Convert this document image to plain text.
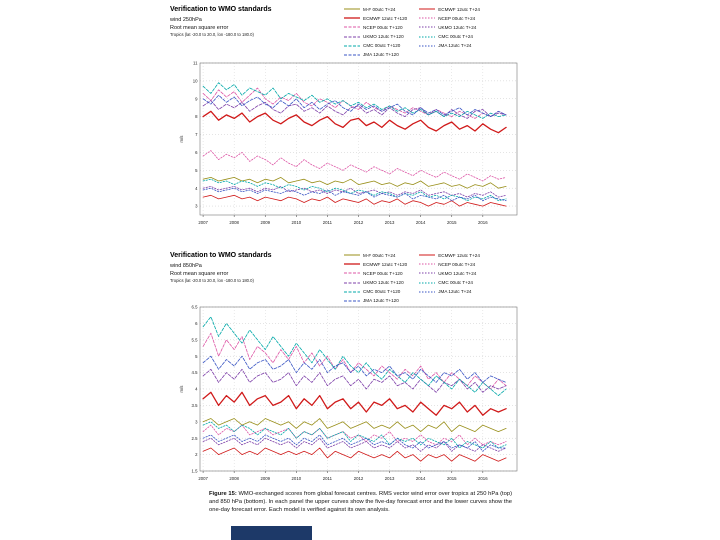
Verification to WMO standards
wind 250hPa
Root mean square error
Tropics (lat -20.0 to 20.0, lon -180.0 to 180.0)
M-F 00utc T+24
ECMWF 12utc T+120
NCEP 00utc T+120
UKMO 12utc T+120
CMC 00utc T+120
JMA 12utc T+120
ECMWF 12utc T+24
NCEP 00utc T+24
UKMO 12utc T+24
CMC 00utc T+24
JMA 12utc T+24
3
4
5
6
7
8
9
10
11
2007	2008	2009	2010	2011	2012	2013	2014	2015	2016
m/s
Verification to WMO standards
wind 850hPa
Root mean square error
Tropics (lat -20.0 to 20.0, lon -180.0 to 180.0)
M-F 00utc T+24
ECMWF 12utc T+120
NCEP 00utc T+120
UKMO 12utc T+120
CMC 00utc T+120
JMA 12utc T+120
ECMWF 12utc T+24
NCEP 00utc T+24
UKMO 12utc T+24
CMC 00utc T+24
JMA 12utc T+24
1.5
2
2.5
3
3.5
4
4.5
5
5.5
6
6.5
2007	2008	2009	2010	2011	2012	2013	2014	2015	2016
m/s
Figure 15: WMO-exchanged scores from global forecast centres. RMS vector wind error over tropics at 250 hPa (top) and 850 hPa (bottom). In each panel the upper curves show the five-day forecast error and the lower curves show the one-day forecast error. Each model is verified against its own analysis.
